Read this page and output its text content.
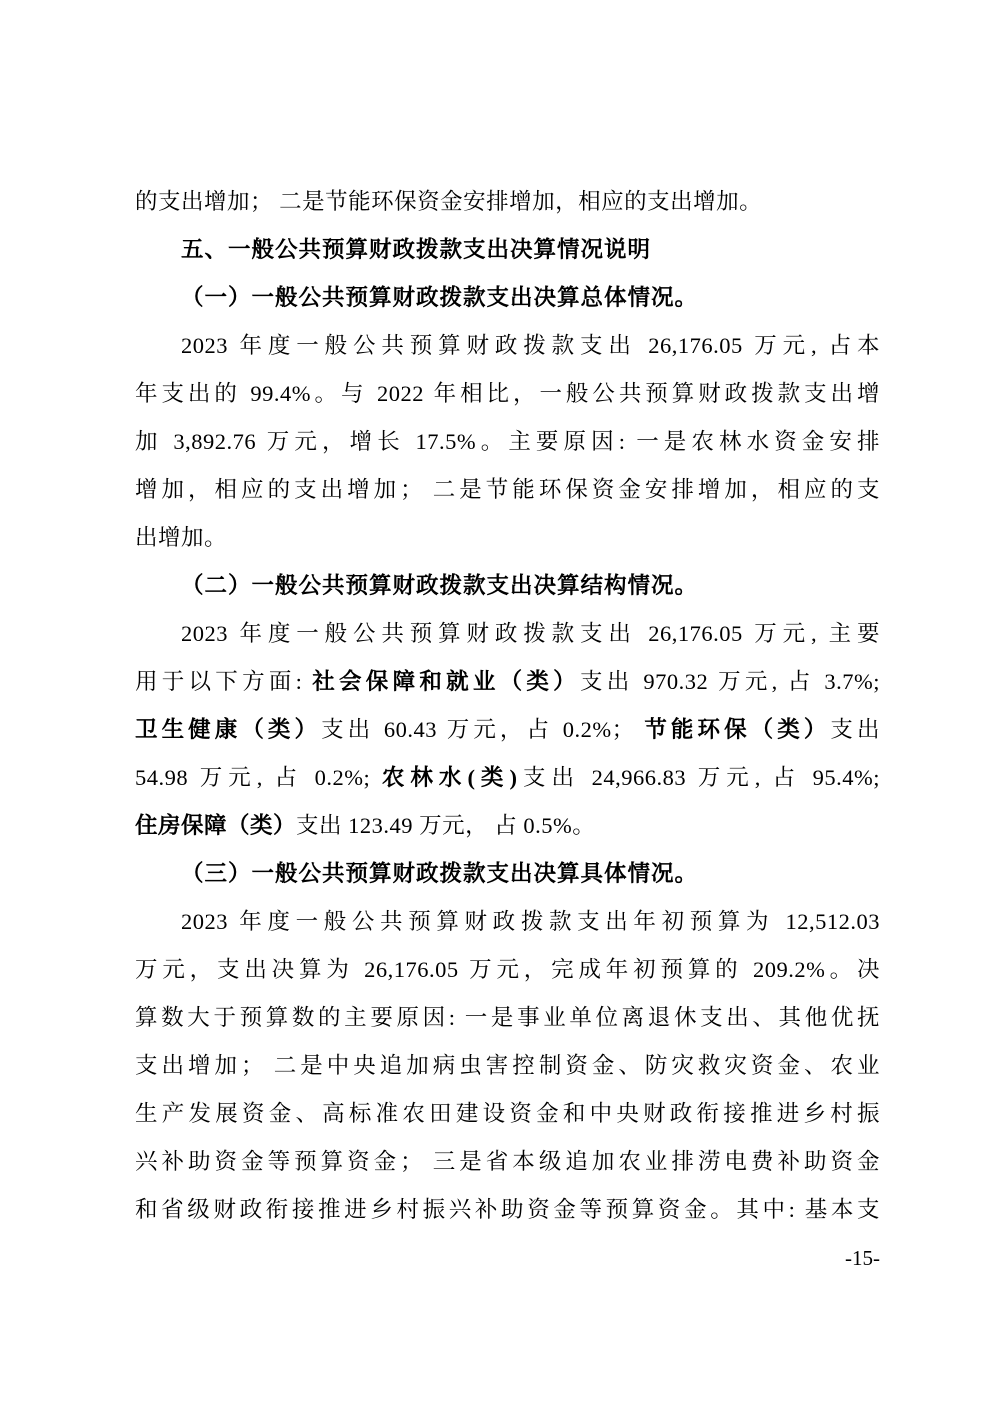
的支出增加； 二是节能环保资金安排增加，相应的支出增加。
五、一般公共预算财政拨款支出决算情况说明
（一）一般公共预算财政拨款支出决算总体情况。
2023 年度一般公共预算财政拨款支出 26,176.05 万元, 占本
年支出的 99.4%。与 2022 年相比，一般公共预算财政拨款支出增
加 3,892.76 万元，增长 17.5%。主要原因: 一是农林水资金安排
增加，相应的支出增加； 二是节能环保资金安排增加，相应的支
出增加。
（二）一般公共预算财政拨款支出决算结构情况。
2023 年度一般公共预算财政拨款支出 26,176.05 万元, 主要
用于以下方面: 社会保障和就业（类）支出 970.32 万元, 占 3.7%;
卫生健康（类）支出 60.43 万元，占 0.2%； 节能环保（类）支出
54.98 万元, 占 0.2%; 农林水(类)支出 24,966.83 万元, 占 95.4%;
住房保障（类）支出 123.49 万元， 占 0.5%。
（三）一般公共预算财政拨款支出决算具体情况。
2023 年度一般公共预算财政拨款支出年初预算为 12,512.03
万元，支出决算为 26,176.05 万元，完成年初预算的 209.2%。决
算数大于预算数的主要原因: 一是事业单位离退休支出、其他优抚
支出增加； 二是中央追加病虫害控制资金、防灾救灾资金、农业
生产发展资金、高标准农田建设资金和中央财政衔接推进乡村振
兴补助资金等预算资金； 三是省本级追加农业排涝电费补助资金
和省级财政衔接推进乡村振兴补助资金等预算资金。其中: 基本支
-15-
